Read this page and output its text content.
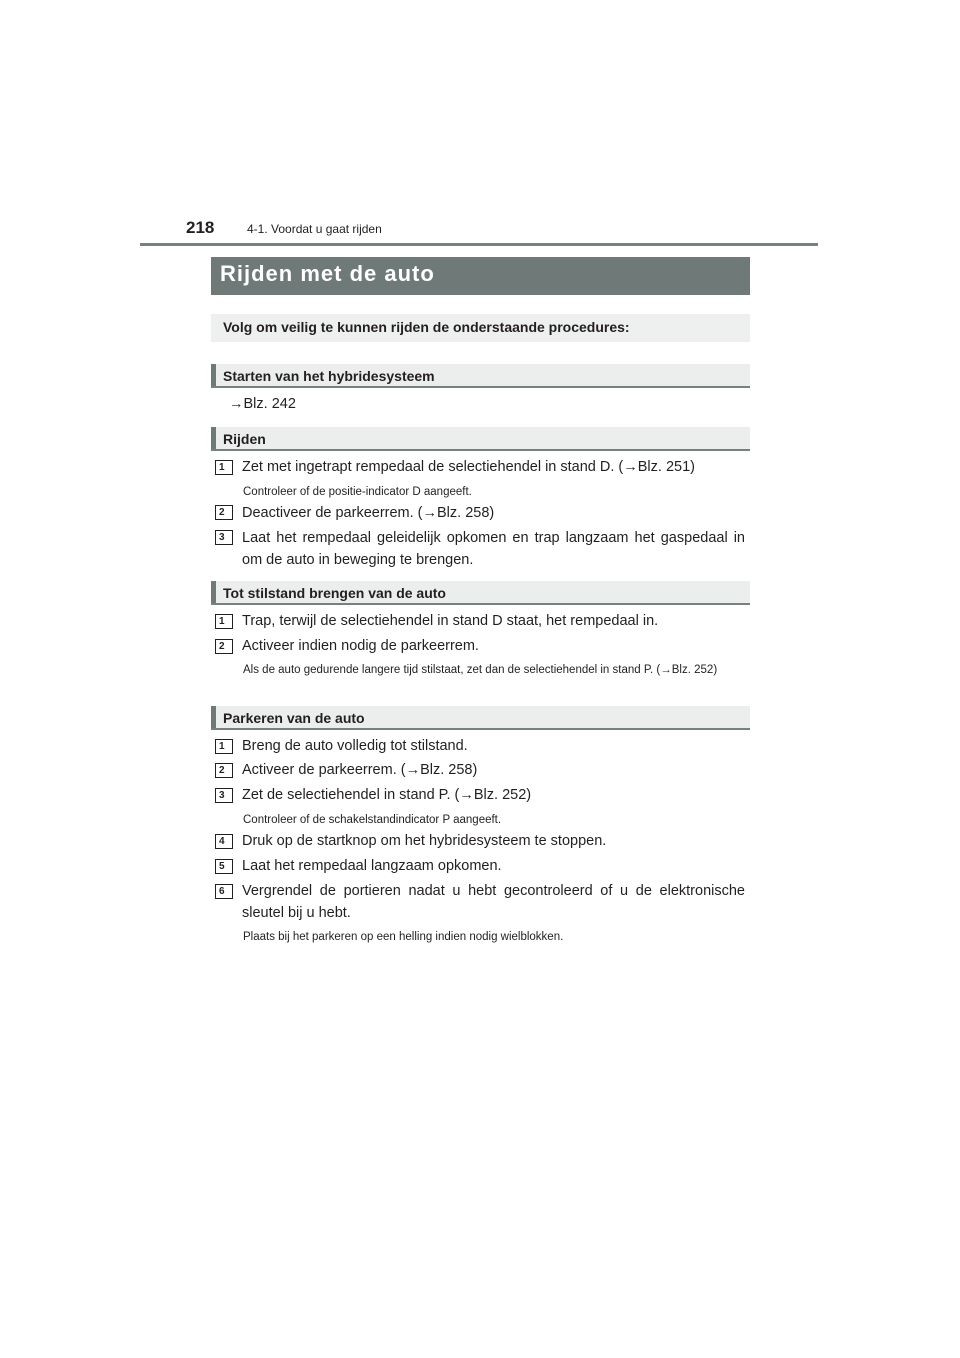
218	4-1. Voordat u gaat rijden
Rijden met de auto
Volg om veilig te kunnen rijden de onderstaande procedures:
Starten van het hybridesysteem
→Blz. 242
Rijden
1	Zet met ingetrapt rempedaal de selectiehendel in stand D. (→Blz. 251)
Controleer of de positie-indicator D aangeeft.
2	Deactiveer de parkeerrem. (→Blz. 258)
3	Laat het rempedaal geleidelijk opkomen en trap langzaam het gaspedaal in om de auto in beweging te brengen.
Tot stilstand brengen van de auto
1	Trap, terwijl de selectiehendel in stand D staat, het rempedaal in.
2	Activeer indien nodig de parkeerrem.
Als de auto gedurende langere tijd stilstaat, zet dan de selectiehendel in stand P. (→Blz. 252)
Parkeren van de auto
1	Breng de auto volledig tot stilstand.
2	Activeer de parkeerrem. (→Blz. 258)
3	Zet de selectiehendel in stand P. (→Blz. 252)
Controleer of de schakelstandindicator P aangeeft.
4	Druk op de startknop om het hybridesysteem te stoppen.
5	Laat het rempedaal langzaam opkomen.
6	Vergrendel de portieren nadat u hebt gecontroleerd of u de elektronische sleutel bij u hebt.
Plaats bij het parkeren op een helling indien nodig wielblokken.
